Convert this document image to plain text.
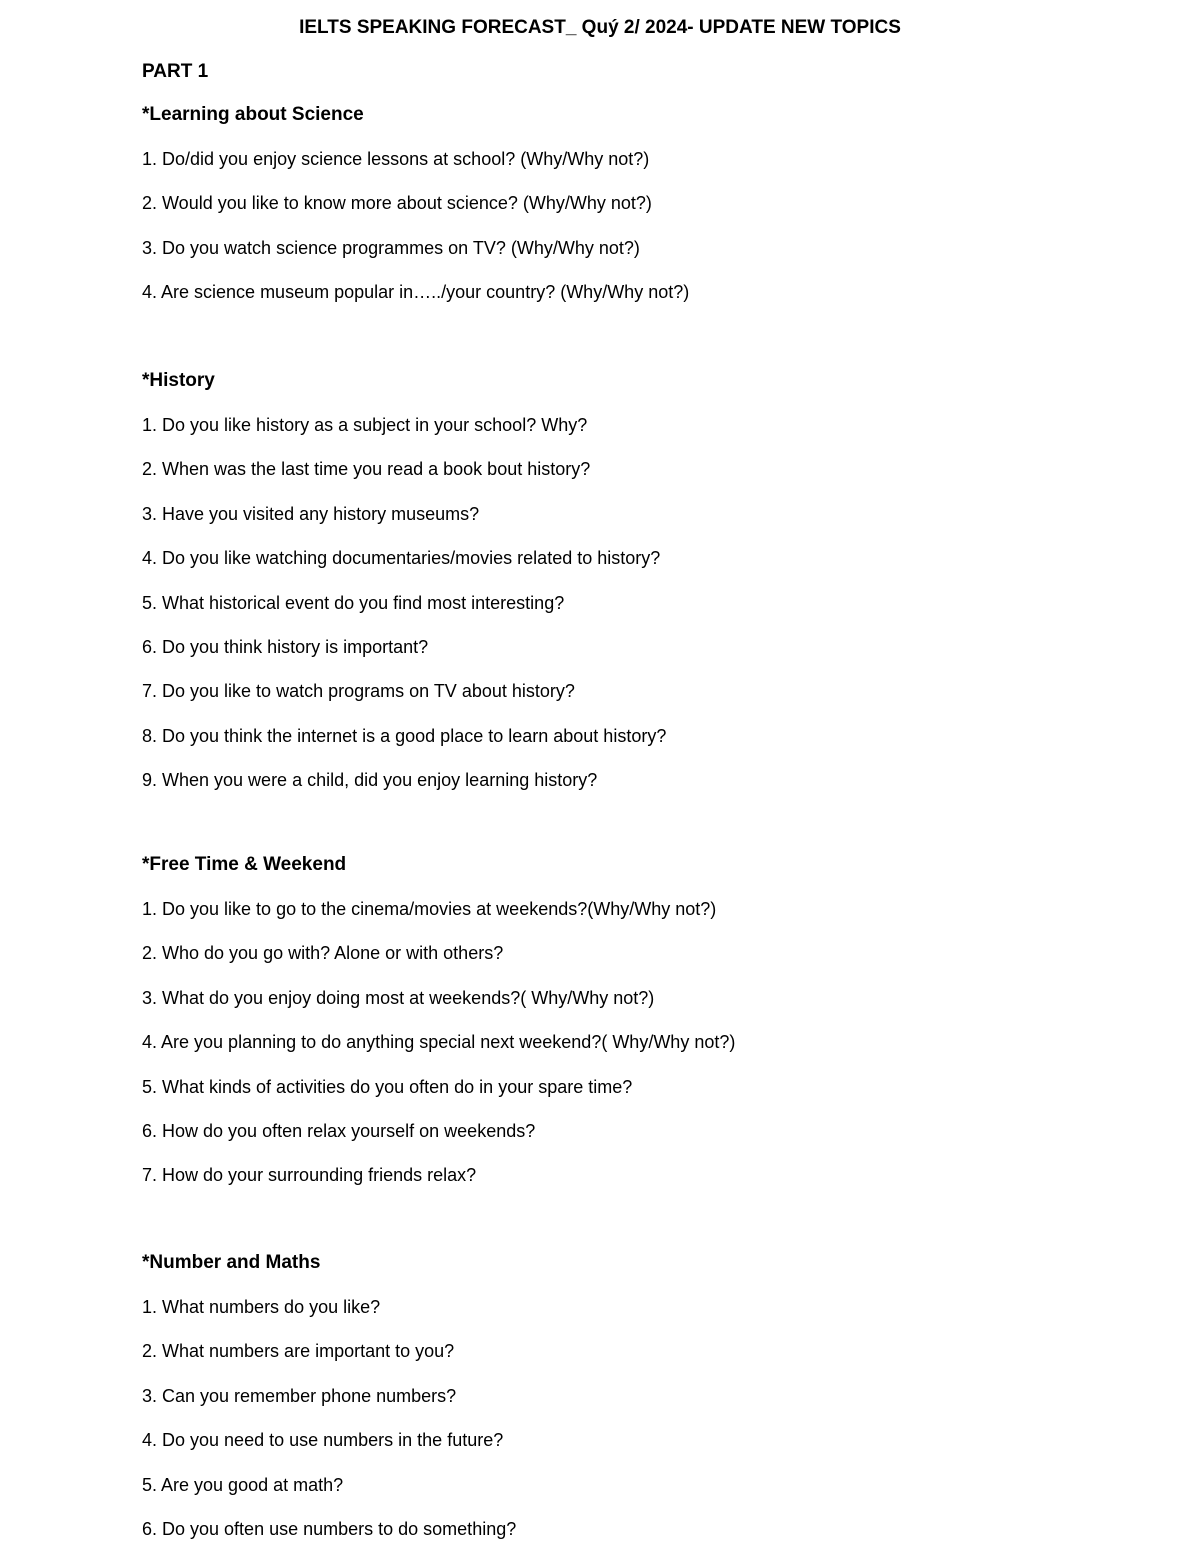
IELTS SPEAKING FORECAST_ Quý 2/ 2024- UPDATE NEW TOPICS
PART 1
*Learning about Science
1. Do/did you enjoy science lessons at school? (Why/Why not?)
2. Would you like to know more about science? (Why/Why not?)
3. Do you watch science programmes on TV? (Why/Why not?)
4. Are science museum popular in…../your country? (Why/Why not?)
*History
1. Do you like history as a subject in your school? Why?
2. When was the last time you read a book bout history?
3. Have you visited any history museums?
4. Do you like watching documentaries/movies related to history?
5. What historical event do you find most interesting?
6. Do you think history is important?
7. Do you like to watch programs on TV about history?
8. Do you think the internet is a good place to learn about history?
9. When you were a child, did you enjoy learning history?
*Free Time & Weekend
1. Do you like to go to the cinema/movies at weekends?(Why/Why not?)
2. Who do you go with? Alone or with others?
3. What do you enjoy doing most at weekends?( Why/Why not?)
4. Are you planning to do anything special next weekend?( Why/Why not?)
5. What kinds of activities do you often do in your spare time?
6. How do you often relax yourself on weekends?
7. How do your surrounding friends relax?
*Number and Maths
1. What numbers do you like?
2. What numbers are important to you?
3. Can you remember phone numbers?
4. Do you need to use numbers in the future?
5. Are you good at math?
6. Do you often use numbers to do something?
